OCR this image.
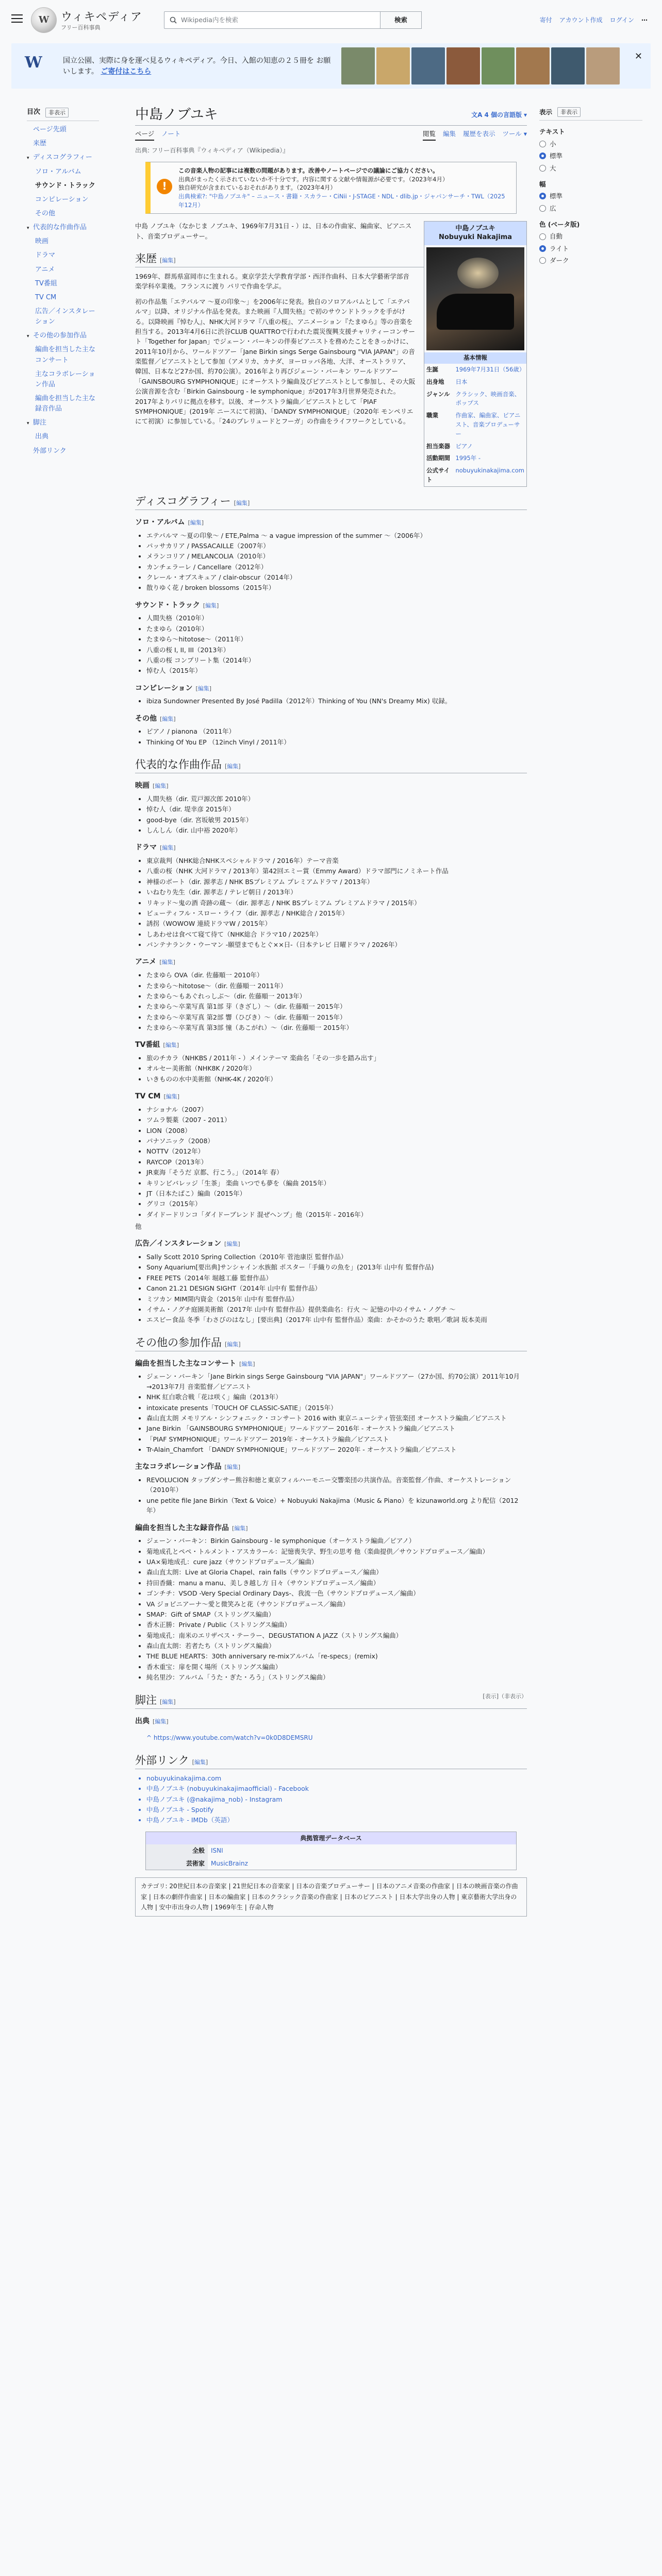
W ウィキペディア
フリー百科事典
Wikipedia内を検索	検索	寄付 アカウント作成 ログイン ⋯
W	国立公園、実際に身を運べ見るウィキペディア。今日、入館の知恵の２５冊を お願いします。 ご寄付はこちら
✕
目次	非表示
ページ先頭
来歴
▾ ディスコグラフィー
ソロ・アルバム
サウンド・トラック
コンピレーション
その他
▾ 代表的な作曲作品
映画
ドラマ
アニメ
TV番組
TV CM
広告／インスタレーション
▾ その他の参加作品
編曲を担当した主なコンサート
主なコラボレーション作品
編曲を担当した主な録音作品
▾ 脚注
出典
外部リンク
中島ノブユキ	文A 4 個の言語版 ▾
ページ ノート	閲覧 編集 履歴を表示 ツール ▾
出典: フリー百科事典『ウィキペディア（Wikipedia）』
!
この音楽人物の記事には複数の問題があります。改善やノートページでの議論にご協力ください。
出典がまったく示されていないか不十分です。内容に関する文献や情報源が必要です。（2023年4月）
独自研究が含まれているおそれがあります。（2023年4月）
出典検索?: "中島ノブユキ" – ニュース・書籍・スカラー・CiNii・J-STAGE・NDL・dlib.jp・ジャパンサーチ・TWL（2025年12月）
中島ノブユキ
Nobuyuki Nakajima
基本情報
生誕	1969年7月31日（56歳）
出身地	日本
ジャンル	クラシック、映画音楽、ポップス
職業	作曲家、編曲家、ピアニスト、音楽プロデューサー
担当楽器	ピアノ
活動期間	1995年 -
公式サイト	nobuyukinakajima.com

中島 ノブユキ（なかじま ノブユキ、1969年7月31日 - ）は、日本の作曲家、編曲家、ピアニスト、音楽プロデューサー。

来歴 [編集]

1969年、群馬県富岡市に生まれる。東京学芸大学教育学部・西洋作曲科、日本大学藝術学部音楽学科卒業後。フランスに渡り パリで作曲を学ぶ。

初の作品集「エテパルマ ～夏の印象～」を2006年に発表。独自のソロアルバムとして「エテパルマ」以降、オリジナル作品を発表。また映画『人間失格』で初のサウンドトラックを手がける。以降映画『悼む人』、NHK大河ドラマ『八重の桜』、アニメーション『たまゆら』等の音楽を担当する。2013年4月6日に渋谷CLUB QUATTROで行われた震災復興支援チャリティーコンサート「Together for Japan」でジェーン・バーキンの伴奏ピアニストを務めたことをきっかけに、2011年10月から、ワールドツアー「Jane Birkin sings Serge Gainsbourg "VIA JAPAN"」の音楽監督／ピアニストとして参加（アメリカ、カナダ、ヨーロッパ各地、大洋、オーストラリア、韓国、日本など27か国、約70公演）。2016年より再びジェーン・バーキン ワールドツアー「GAINSBOURG SYMPHONIQUE」にオーケストラ編曲及びピアニストとして参加し、その大阪公演音源を含む「Birkin Gainsbourg - le symphonique」が2017年3月世界発売された。2017年よりパリに拠点を移す。以後、オーケストラ編曲／ピアニストとして「PIAF SYMPHONIQUE」(2019年 ニースにて初演)、「DANDY SYMPHONIQUE」（2020年 モンペリエにて初演）に参加している。「24のプレリュードとフーガ」の作曲をライフワークとしている。

ディスコグラフィー [編集]
ソロ・アルバム [編集]
• エテパルマ ～夏の印象～ / ETE,Palma ～ a vague impression of the summer ～（2006年）
• パッサカリア / PASSACAILLE（2007年）
• メランコリア / MELANCOLIA（2010年）
• カンチェラーレ / Cancellare（2012年）
• クレール・オブスキュア / clair-obscur（2014年）
• 散りゆく花 / broken blossoms（2015年）
サウンド・トラック [編集]
• 人間失格（2010年）
• たまゆら（2010年）
• たまゆら～hitotose～（2011年）
• 八重の桜 I, II, III（2013年）
• 八重の桜 コンプリート集（2014年）
• 悼む人（2015年）
コンピレーション [編集]
• ibiza Sundowner Presented By José Padilla（2012年）Thinking of You (NN's Dreamy Mix) 収録。
その他 [編集]
• ピアノ / pianona （2011年）
• Thinking Of You EP （12inch Vinyl / 2011年）
代表的な作曲作品 [編集]
映画 [編集]
• 人間失格（dir. 荒戸源次郎 2010年）
• 悼む人（dir. 堤幸彦 2015年）
• good-bye（dir. 宮坂敏男 2015年）
• しんしん（dir. 山中裕 2020年）
ドラマ [編集]
• 東京裁判（NHK総合NHKスペシャルドラマ / 2016年）テーマ音楽
• 八重の桜（NHK 大河ドラマ / 2013年）第42回エミー賞（Emmy Award）ドラマ部門にノミネート作品
• 神様のボート（dir. 源孝志 / NHK BSプレミアム プレミアムドラマ / 2013年）
• いねむり先生（dir. 源孝志 / テレビ朝日 / 2013年）
• リキッド～鬼の酒 奇跡の蔵～（dir. 源孝志 / NHK BSプレミアム プレミアムドラマ / 2015年）
• ビューティフル・スロー・ライフ（dir. 源孝志 / NHK総合 / 2015年）
• 誘拐（WOWOW 連続ドラマW / 2015年）
• しあわせは食べて寝て待て（NHK総合 ドラマ10 / 2025年）
• バンテナランク・ウーマン -願望までもとぐ××日-（日本テレビ 日曜ドラマ / 2026年）
アニメ [編集]
• たまゆら OVA（dir. 佐藤順一 2010年）
• たまゆら～hitotose～（dir. 佐藤順一 2011年）
• たまゆら～もあぐれっしぶ～（dir. 佐藤順一 2013年）
• たまゆら～卒業写真 第1部 芽（きざし）～（dir. 佐藤順一 2015年）
• たまゆら～卒業写真 第2部 響（ひびき）～（dir. 佐藤順一 2015年）
• たまゆら～卒業写真 第3部 憧（あこがれ）～（dir. 佐藤順一 2015年）
TV番組 [編集]
• 旅のチカラ（NHKBS / 2011年 - ）メインテーマ 楽曲名「その一歩を踏み出す」
• オルセー美術館（NHK8K / 2020年）
• いきものの水中美術館（NHK-4K / 2020年）
TV CM [編集]
• ナショナル（2007）
• ツムラ製薬（2007 - 2011）
• LION（2008）
• パナソニック（2008）
• NOTTV（2012年）
• RAYCOP（2013年）
• JR東海「そうだ 京都、行こう。」（2014年 春）
• キリンビバレッジ「生茶」 楽曲 いつでも夢を（編曲 2015年）
• JT（日本たばこ）編曲（2015年）
• グリコ（2015年）
• ダイドードリンコ「ダイドーブレンド 混ぜヘンプ」他（2015年 - 2016年）

他

広告／インスタレーション [編集]
• Sally Scott 2010 Spring Collection（2010年 菅池康臣 監督作品）
• Sony Aquarium[要出典]サンシャイン水族館 ポスター「手織りの魚を」(2013年 山中有 監督作品)
• FREE PETS（2014年 堀越工藤 監督作品）
• Canon 21.21 DESIGN SIGHT（2014年 山中有 監督作品）
• ミツカン MIM開内資金（2015年 山中有 監督作品）
• イサム・ノグチ庭園美術館（2017年 山中有 監督作品）提供楽曲名：行火 〜 記憶の中のイサム・ノグチ 〜
• エスビー食品 冬季「わさびのはなし」[要出典]（2017年 山中有 監督作品）楽曲：かそかのうた 歌唱／歌詞 坂本美雨
その他の参加作品 [編集]
編曲を担当した主なコンサート [編集]
• ジェーン・バーキン「Jane Birkin sings Serge Gainsbourg "VIA JAPAN"」ワールドツアー（27か国、約70公演）2011年10月→2013年7月 音楽監督／ピアニスト
• NHK 紅白歌合戦「花は咲く」編曲（2013年）
• intoxicate presents「TOUCH OF CLASSIC-SATIE」（2015年）
• 森山直太朗 メモリアル・シンフォニック・コンサート 2016 with 東京ニューシティ管弦楽団 オーケストラ編曲／ピアニスト
• Jane Birkin 「GAINSBOURG SYMPHONIQUE」ワールドツアー 2016年 - オーケストラ編曲／ピアニスト
• 「PIAF SYMPHONIQUE」ワールドツアー 2019年 - オーケストラ編曲／ピアニスト
• Tr-Alain_Chamfort 「DANDY SYMPHONIQUE」ワールドツアー 2020年 - オーケストラ編曲／ピアニスト
主なコラボレーション作品 [編集]
• REVOLUCION タップダンサー熊谷和徳と東京フィルハーモニー交響楽団の共演作品。音楽監督／作曲、オーケストレーション（2010年）
• une petite file Jane Birkin（Text & Voice）+ Nobuyuki Nakajima（Music & Piano）を kizunaworld.org より配信（2012年）
編曲を担当した主な録音作品 [編集]
• ジェーン・バーキン：Birkin Gainsbourg - le symphonique（オーケストラ編曲／ピアノ）
• 菊地成孔とペペ・トルメント・アスカラール：記憶喪失学、野生の思考 他（楽曲提供／サウンドプロデュース／編曲）
• UA×菊地成孔：cure jazz（サウンドプロデュース／編曲）
• 森山直太朗：Live at Gloria Chapel、rain falls（サウンドプロデュース／編曲）
• 持田香織：manu a manu、美しき越し方 日々（サウンドプロデュース／編曲）
• ゴンチチ：VSOD -Very Special Ordinary Days-、我流一色（サウンドプロデュース／編曲）
• VA ジョビニアーナ～愛と微笑みと花（サウンドプロデュース／編曲）
• SMAP：Gift of SMAP（ストリングス編曲）
• 香木正勝：Private / Public（ストリングス編曲）
• 菊地成孔：南米のエリザベス・テーラー、DEGUSTATION A JAZZ（ストリングス編曲）
• 森山直太朗：若者たち（ストリングス編曲）
• THE BLUE HEARTS：30th anniversary re-mixアルバム「re-specs」(remix)
• 香木重宝：扉を開く場所（ストリングス編曲）
• 純名里沙：アルバム「うた・ぎた・ろう」（ストリングス編曲）
脚注 [編集]
[表示]（非表示）
出典 [編集]
^ https://www.youtube.com/watch?v=0k0D8DEMSRU
外部リンク [編集]
• nobuyukinakajima.com
• 中島ノブユキ (nobuyukinakajimaofficial) - Facebook
• 中島ノブユキ (@nakajima_nob) - Instagram
• 中島ノブユキ - Spotify
• 中島ノブユキ - IMDb（英語）
典拠管理データベース
全般	ISNI
芸術家	MusicBrainz
カテゴリ: 20世紀日本の音楽家 | 21世紀日本の音楽家 | 日本の音楽プロデューサー | 日本のアニメ音楽の作曲家 | 日本の映画音楽の作曲家 | 日本の劇伴作曲家 | 日本の編曲家 | 日本のクラシック音楽の作曲家 | 日本のピアニスト | 日本大学出身の人物 | 東京藝術大学出身の人物 | 安中市出身の人物 | 1969年生 | 存命人物
表示	非表示
テキスト
小
標準
大
幅
標準
広
色 (ベータ版)
自動
ライト
ダーク
